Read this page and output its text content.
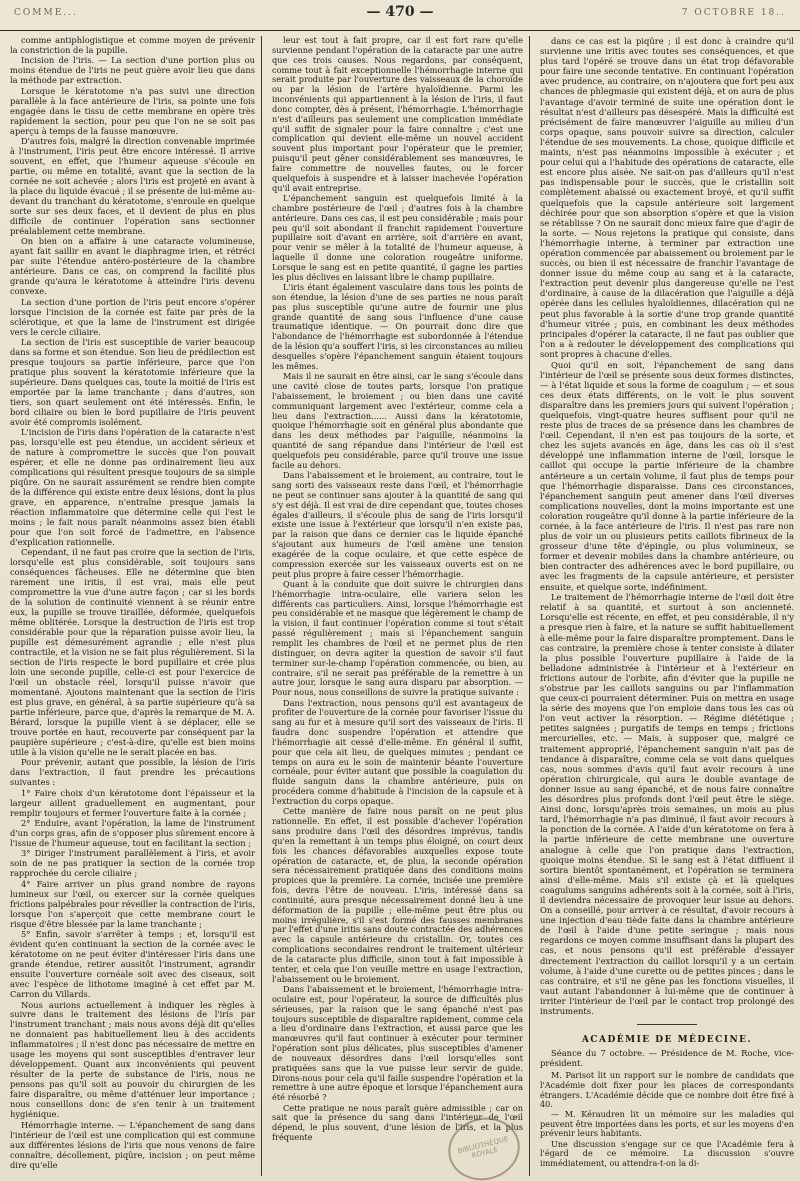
COMME...	— 470 —	7 OCTOBRE 18..

comme antiphlogistique et comme moyen de prévenir la constriction de la pupille.

Incision de l'iris. — La section d'une portion plus ou moins étendue de l'iris ne peut guère avoir lieu que dans la méthode par extraction.

Lorsque le kératotome n'a pas suivi une direction parallèle à la face antérieure de l'iris, sa pointe une fois engagée dans le tissu de cette membrane en opère très rapidement la section, pour peu que l'on ne se soit pas aperçu à temps de la fausse manœuvre.

D'autres fois, malgré la direction convenable imprimée à l'instrument, l'iris peut être encore intéressé. Il arrive souvent, en effet, que l'humeur aqueuse s'écoule en partie, ou même en totalité, avant que la section de la cornée ne soit achevée ; alors l'iris est projeté en avant à la place du liquide évacué ; il se présente de lui-même au-devant du tranchant du kératotome, s'enroule en quelque sorte sur ses deux faces, et il devient de plus en plus difficile de continuer l'opération sans sectionner préalablement cette membrane.

On bien on a affaire à une cataracte volumineuse, ayant fait saillir en avant le diaphragme irien, et rétréci par suite l'étendue antéro-postérieure de la chambre antérieure. Dans ce cas, on comprend la facilité plus grande qu'aura le kératotome à atteindre l'iris devenu convexe.

La section d'une portion de l'iris peut encore s'opérer lorsque l'incision de la cornée est faite par près de la sclérotique, et que la lame de l'instrument est dirigée vers le cercle ciliaire.

La section de l'iris est susceptible de varier beaucoup dans sa forme et son étendue. Son lieu de prédilection est presque toujours sa partie inférieure, parce que l'on pratique plus souvent la kératotomie inférieure que la supérieure. Dans quelques cas, toute la moitié de l'iris est emportée par la lame tranchante ; dans d'autres, son tiers, son quart seulement ont été intéressés. Enfin, le bord ciliaire ou bien le bord pupillaire de l'iris peuvent avoir été compromis isolément.

L'incision de l'iris dans l'opération de la cataracte n'est pas, lorsqu'elle est peu étendue, un accident sérieux et de nature à compromettre le succès que l'on pouvait espérer, et elle ne donne pas ordinairement lieu aux complications qui résultent presque toujours de sa simple piqûre. On ne saurait assurément se rendre bien compte de la différence qui existe entre deux lésions, dont la plus grave, en apparence, n'entraîne presque jamais la réaction inflammatoire que détermine celle qui l'est le moins ; le fait nous paraît néanmoins assez bien établi pour que l'on soit forcé de l'admettre, en l'absence d'explication rationnelle.

Cependant, il ne faut pas croire que la section de l'iris, lorsqu'elle est plus considérable, soit toujours sans conséquences fâcheuses. Elle ne détermine que bien rarement une iritis, il est vrai, mais elle peut compromettre la vue d'une autre façon ; car si les bords de la solution de continuité viennent à se réunir entre eux, la pupille se trouve tiraillée, déformée, quelquefois même oblitérée. Lorsque la destruction de l'iris est trop considérable pour que la réparation puisse avoir lieu, la pupille est démesurément agrandie ; elle n'est plus contractile, et la vision ne se fait plus régulièrement. Si la section de l'iris respecte le bord pupillaire et crée plus loin une seconde pupille, celle-ci est pour l'exercice de l'œil un obstacle réel, lorsqu'il puisse n'avoir que momentané. Ajoutons maintenant que la section de l'iris est plus grave, en général, à sa partie supérieure qu'à sa partie inférieure, parce que, d'après la remarque de M. A. Bérard, lorsque la pupille vient à se déplacer, elle se trouve portée en haut, recouverte par conséquent par la paupière supérieure ; c'est-à-dire, qu'elle est bien moins utile à la vision qu'elle ne le serait placée en bas.

Pour prévenir, autant que possible, la lésion de l'iris dans l'extraction, il faut prendre les précautions suivantes :

1° Faire choix d'un kératotome dont l'épaisseur et la largeur aillent graduellement en augmentant, pour remplir toujours et fermer l'ouverture faite à la cornée ;

2° Enduire, avant l'opération, la lame de l'instrument d'un corps gras, afin de s'opposer plus sûrement encore à l'issue de l'humeur aqueuse, tout en facilitant la section ;

3° Diriger l'instrument parallèlement à l'iris, et avoir soin de ne pas pratiquer la section de la cornée trop rapprochée du cercle ciliaire ;

4° Faire arriver un plus grand nombre de rayons lumineux sur l'œil, ou exercer sur la cornée quelques frictions palpébrales pour réveiller la contraction de l'iris, lorsque l'on s'aperçoit que cette membrane court le risque d'être blessée par la lame tranchante ;

5° Enfin, savoir s'arrêter à temps ; et, lorsqu'il est évident qu'en continuant la section de la cornée avec le kératotome on ne peut éviter d'intéresser l'iris dans une grande étendue, retirer aussitôt l'instrument, agrandir ensuite l'ouverture cornéale soit avec des ciseaux, soit avec l'espèce de lithotome imaginé à cet effet par M. Carron du Villards.

Nous aurions actuellement à indiquer les règles à suivre dans le traitement des lésions de l'iris par l'instrument tranchant ; mais nous avons déjà dit qu'elles ne donnaient pas habituellement lieu à des accidents inflammatoires ; il n'est donc pas nécessaire de mettre en usage les moyens qui sont susceptibles d'entraver leur développement. Quant aux inconvénients qui peuvent résulter de la perte de substance de l'iris, nous ne pensons pas qu'il soit au pouvoir du chirurgien de les faire disparaître, ou même d'atténuer leur importance ; nous conseillons donc de s'en tenir à un traitement hygiénique.

Hémorrhagie interne. — L'épanchement de sang dans l'intérieur de l'œil est une complication qui est commune aux différentes lésions de l'iris que nous venons de faire connaître, décollement, piqûre, incision ; on peut même dire qu'elle

leur est tout à fait propre, car il est fort rare qu'elle survienne pendant l'opération de la cataracte par une autre que ces trois causes. Nous regardons, par conséquent, comme tout à fait exceptionnelle l'hémorrhagie interne qui serait produite par l'ouverture des vaisseaux de la choroïde ou par la lésion de l'artère hyaloïdienne. Parmi les inconvénients qui appartiennent à la lésion de l'iris, il faut donc compter, dès à présent, l'hémorrhagie. L'hémorrhagie n'est d'ailleurs pas seulement une complication immédiate qu'il suffit de signaler pour la faire connaître ; c'est une complication qui devient elle-même un nouvel accident souvent plus important pour l'opérateur que le premier, puisqu'il peut gêner considérablement ses manœuvres, le faire commettre de nouvelles fautes, ou le forcer quelquefois à suspendre et à laisser inachevée l'opération qu'il avait entreprise.

L'épanchement sanguin est quelquefois limité à la chambre postérieure de l'œil ; d'autres fois à la chambre antérieure. Dans ces cas, il est peu considérable ; mais pour peu qu'il soit abondant il franchit rapidement l'ouverture pupillaire soit d'avant en arrière, soit d'arrière en avant, pour venir se mêler à la totalité de l'humeur aqueuse, à laquelle il donne une coloration rougeâtre uniforme. Lorsque le sang est en petite quantité, il gagne les parties les plus déclives en laissant libre le champ pupillaire.

L'iris étant également vasculaire dans tous les points de son étendue, la lésion d'une de ses parties ne nous paraît pas plus susceptible qu'une autre de fournir une plus grande quantité de sang sous l'influence d'une cause traumatique identique. — On pourrait donc dire que l'abondance de l'hémorrhagie est subordonnée à l'étendue de la lésion qu'a souffert l'iris, si les circonstances au milieu desquelles s'opère l'épanchement sanguin étaient toujours les mêmes.

Mais il ne saurait en être ainsi, car le sang s'écoule dans une cavité close de toutes parts, lorsque l'on pratique l'abaissement, le broiement ; ou bien dans une cavité communiquant largement avec l'extérieur, comme cela a lieu dans l'extraction...... Aussi dans la kératotomie, quoique l'hémorrhagie soit en général plus abondante que dans les deux méthodes par l'aiguille, néanmoins la quantité de sang répandue dans l'intérieur de l'œil est quelquefois peu considérable, parce qu'il trouve une issue facile au dehors.

Dans l'abaissement et le broiement, au contraire, tout le sang sorti des vaisseaux reste dans l'œil, et l'hémorrhagie ne peut se continuer sans ajouter à la quantité de sang qui s'y est déjà. Il est vrai de dire cependant que, toutes choses égales d'ailleurs, il s'écoule plus de sang de l'iris lorsqu'il existe une issue à l'extérieur que lorsqu'il n'en existe pas, par la raison que dans ce dernier cas le liquide épanché s'ajoutant aux humeurs de l'œil amène une tension exagérée de la coque oculaire, et que cette espèce de compression exercée sur les vaisseaux ouverts est on ne peut plus propre à faire cesser l'hémorrhagie.

Quant à la conduite que doit suivre le chirurgien dans l'hémorrhagie intra-oculaire, elle variera selon les différents cas particuliers. Ainsi, lorsque l'hémorrhagie est peu considérable et ne masque que légèrement le champ de la vision, il faut continuer l'opération comme si tout s'était passé régulièrement ; mais si l'épanchement sanguin remplit les chambres de l'œil et ne permet plus de rien distinguer, on devra agiter la question de savoir s'il faut terminer sur-le-champ l'opération commencée, ou bien, au contraire, s'il ne serait pas préférable de la remettre à un autre jour, lorsque le sang aura disparu par absorption. — Pour nous, nous conseillons de suivre la pratique suivante :

Dans l'extraction, nous pensons qu'il est avantageux de profiter de l'ouverture de la cornée pour favoriser l'issue du sang au fur et à mesure qu'il sort des vaisseaux de l'iris. Il faudra donc suspendre l'opération et attendre que l'hémorrhagie ait cessé d'elle-même. En général il suffit, pour que cela ait lieu, de quelques minutes ; pendant ce temps on aura eu le soin de maintenir béante l'ouverture cornéale, pour éviter autant que possible la coagulation du fluide sanguin dans la chambre antérieure, puis on procédera comme d'habitude à l'incision de la capsule et à l'extraction du corps opaque.

Cette manière de faire nous paraît on ne peut plus rationnelle. En effet, il est possible d'achever l'opération sans produire dans l'œil des désordres imprévus, tandis qu'en la remettant à un temps plus éloigné, on court deux fois les chances défavorables auxquelles expose toute opération de cataracte, et, de plus, la seconde opération sera nécessairement pratiquée dans des conditions moins propices que la première. La cornée, incisée une première fois, devra l'être de nouveau. L'iris, intéressé dans sa continuité, aura presque nécessairement donné lieu à une déformation de la pupille ; elle-même peut être plus ou moins irrégulière, s'il s'est formé des fausses membranes par l'effet d'une iritis sans doute contractée des adhérences avec la capsule antérieure du cristallin. Or, toutes ces complications secondaires rendront le traitement ultérieur de la cataracte plus difficile, sinon tout à fait impossible à tenter, et cela que l'on veuille mettre en usage l'extraction, l'abaissement ou le broiement.

Dans l'abaissement et le broiement, l'hémorrhagie intra-oculaire est, pour l'opérateur, la source de difficultés plus sérieuses, par la raison que le sang épanché n'est pas toujours susceptible de disparaître rapidement, comme cela a lieu d'ordinaire dans l'extraction, et aussi parce que les manœuvres qu'il faut continuer à exécuter pour terminer l'opération sont plus délicates, plus susceptibles d'amener de nouveaux désordres dans l'œil lorsqu'elles sont pratiquées sans que la vue puisse leur servir de guide. Dirons-nous pour cela qu'il faille suspendre l'opération et la remettre à une autre époque et lorsque l'épanchement aura été résorbé ?

Cette pratique ne nous paraît guère admissible ; car on sait que la présence du sang dans l'intérieur de l'œil dépend, le plus souvent, d'une lésion de l'iris, et la plus fréquente

dans ce cas est la piqûre ; il est donc à craindre qu'il survienne une iritis avec toutes ses conséquences, et que plus tard l'opéré se trouve dans un état trop défavorable pour faire une seconde tentative. En continuant l'opération avec prudence, au contraire, on n'ajoutera que fort peu aux chances de phlegmasie qui existent déjà, et on aura de plus l'avantage d'avoir terminé de suite une opération dont le résultat n'est d'ailleurs pas désespéré. Mais la difficulté est précisément de faire manœuvrer l'aiguille au milieu d'un corps opaque, sans pouvoir suivre sa direction, calculer l'étendue de ses mouvements. La chose, quoique difficile et maints, n'est pas néanmoins impossible à exécuter ; et pour celui qui a l'habitude des opérations de cataracte, elle est encore plus aisée. Ne sait-on pas d'ailleurs qu'il n'est pas indispensable pour le succès, que le cristallin soit complètement abaissé ou exactement broyé, et qu'il suffit quelquefois que la capsule antérieure soit largement déchirée pour que son absorption s'opère et que la vision se rétablisse ? On ne saurait donc mieux faire que d'agir de la sorte. — Nous rejetons la pratique qui consiste, dans l'hémorrhagie interne, à terminer par extraction une opération commencée par abaissement ou broiement par le succès, ou bien il est nécessaire de franchir l'avantage de donner issue du même coup au sang et à la cataracte, l'extraction peut devenir plus dangereuse qu'elle ne l'est d'ordinaire, à cause de la dilacération que l'aiguille a déjà opérée dans les cellules hyaloïdiennes, dilacération qui ne peut plus favorable à la sortie d'une trop grande quantité d'humeur vitrée ; puis, en combinant les deux méthodes principales d'opérer la cataracte, il ne faut pas oublier que l'on a à redouter le développement des complications qui sont propres à chacune d'elles.

Quoi qu'il en soit, l'épanchement de sang dans l'intérieur de l'œil se présente sous deux formes distinctes, — à l'état liquide et sous la forme de coagulum ; — et sous ces deux états différents, on le voit le plus souvent disparaître dans les premiers jours qui suivent l'opération ; quelquefois, vingt-quatre heures suffisent pour qu'il ne reste plus de traces de sa présence dans les chambres de l'œil. Cependant, il n'en est pas toujours de la sorte, et chez les sujets avancés en âge, dans les cas où il s'est développé une inflammation interne de l'œil, lorsque le caillot qui occupe la partie inférieure de la chambre antérieure a un certain volume, il faut plus de temps pour que l'hémorrhagie disparaisse. Dans ces circonstances, l'épanchement sanguin peut amener dans l'œil diverses complications nouvelles, dont la moins importante est une coloration rougeâtre qu'il donne à la partie inférieure de la cornée, à la face antérieure de l'iris. Il n'est pas rare non plus de voir un ou plusieurs petits caillots fibrineux de la grosseur d'une tête d'épingle, ou plus volumineux, se former et devenir mobiles dans la chambre antérieure, ou bien contracter des adhérences avec le bord pupillaire, ou avec les fragments de la capsule antérieure, et persister ensuite, et quelque sorte, indéfiniment.

Le traitement de l'hémorrhagie interne de l'œil doit être relatif à sa quantité, et surtout à son ancienneté. Lorsqu'elle est récente, en effet, et peu considérable, il n'y a presque rien à faire, et la nature se suffit habituellement à elle-même pour la faire disparaître promptement. Dans le cas contraire, la première chose à tenter consiste à dilater la plus possible l'ouverture pupillaire à l'aide de la belladone administrée à l'intérieur et à l'extérieur en frictions autour de l'orbite, afin d'éviter que la pupille ne s'obstrue par les caillots sanguins ou par l'inflammation que ceux-ci pourraient déterminer. Puis on mettra en usage la série des moyens que l'on emploie dans tous les cas où l'on veut activer la résorption. — Régime diététique ; petites saignées ; purgatifs de temps en temps ; frictions mercurielles, etc. — Mais, à supposer que, malgré ce traitement approprié, l'épanchement sanguin n'ait pas de tendance à disparaître, comme cela se voit dans quelques cas, nous sommes d'avis qu'il faut avoir recours à une opération chirurgicale, qui aura le double avantage de donner issue au sang épanché, et de nous faire connaître les désordres plus profonds dont l'œil peut être le siège. Ainsi donc, lorsqu'après trois semaines, un mois au plus tard, l'hémorrhagie n'a pas diminué, il faut avoir recours à la ponction de la cornée. A l'aide d'un kératotome on fera à la partie inférieure de cette membrane une ouverture analogue à celle que l'on pratique dans l'extraction, quoique moins étendue. Si le sang est à l'état diffluent il sortira bientôt spontanément, et l'opération se terminera ainsi d'elle-même. Mais s'il existe çà et là quelques coagulums sanguins adhérents soit à la cornée, soit à l'iris, il deviendra nécessaire de provoquer leur issue au dehors. On a conseillé, pour arriver à ce résultat, d'avoir recours à une injection d'eau tiède faite dans la chambre antérieure de l'œil à l'aide d'une petite seringue ; mais nous regardons ce moyen comme insuffisant dans la plupart des cas, et nous pensons qu'il est préférable d'essayer directement l'extraction du caillot lorsqu'il y a un certain volume, à l'aide d'une curette ou de petites pinces ; dans le cas contraire, et s'il ne gêne pas les fonctions visuelles, il vaut autant l'abandonner à lui-même que de continuer à irriter l'intérieur de l'œil par le contact trop prolongé des instruments.

ACADÉMIE DE MÉDECINE.
Séance du 7 octobre. — Présidence de M. Roche, vice-président.

M. Parisot lit un rapport sur le nombre de candidats que l'Académie doit fixer pour les places de correspondants étrangers. L'Académie décide que ce nombre doit être fixé à 40.

— M. Kéraudren lit un mémoire sur les maladies qui peuvent être importées dans les ports, et sur les moyens d'en prévenir leurs habitants.

Une discussion s'engage sur ce que l'Académie fera à l'égard de ce mémoire. La discussion s'ouvre immédiatement, ou attendra-t-on la di-

BIBLIOTHÈQUE ROYALE
